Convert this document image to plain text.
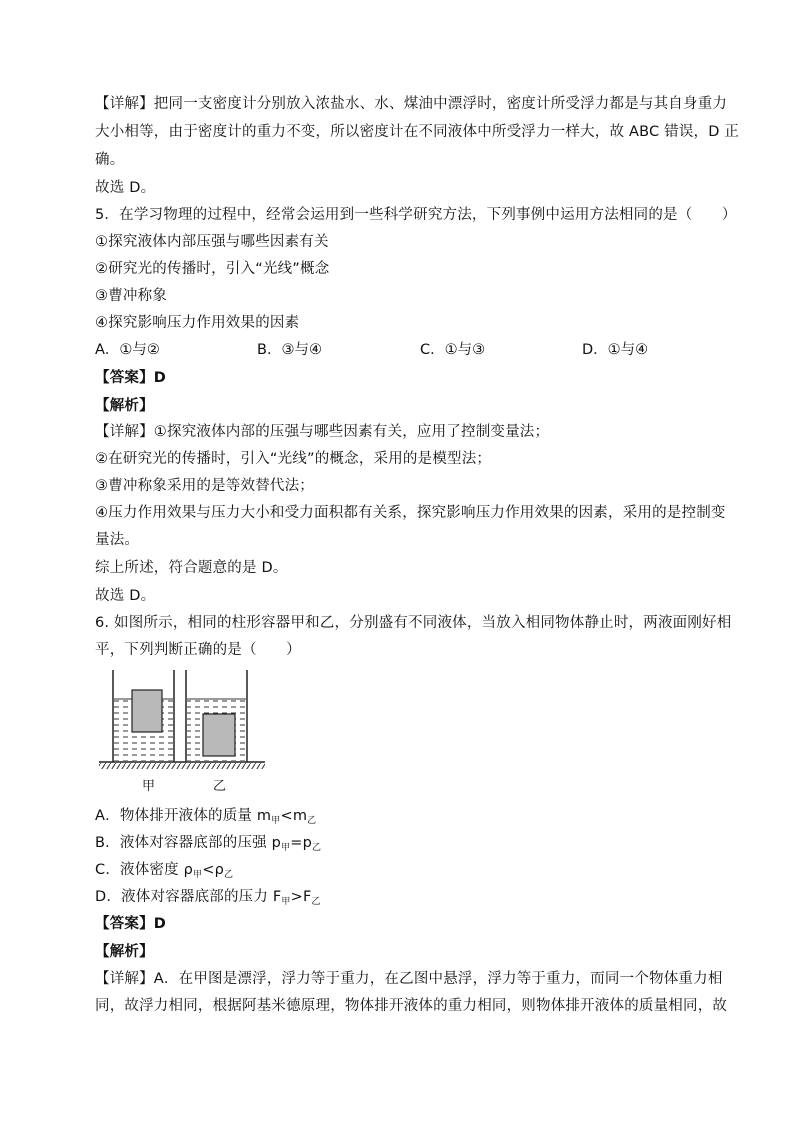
【详解】把同一支密度计分别放入浓盐水、水、煤油中漂浮时，密度计所受浮力都是与其自身重力
大小相等，由于密度计的重力不变，所以密度计在不同液体中所受浮力一样大，故 ABC 错误，D 正
确。
故选 D。
5．在学习物理的过程中，经常会运用到一些科学研究方法，下列事例中运用方法相同的是（　　）
①探究液体内部压强与哪些因素有关
②研究光的传播时，引入“光线”概念
③曹冲称象
④探究影响压力作用效果的因素
A．①与②	B．③与④	C．①与③	D．①与④
【答案】D
【解析】
【详解】①探究液体内部的压强与哪些因素有关，应用了控制变量法；
②在研究光的传播时，引入“光线”的概念，采用的是模型法；
③曹冲称象采用的是等效替代法；
④压力作用效果与压力大小和受力面积都有关系，探究影响压力作用效果的因素，采用的是控制变
量法。
综上所述，符合题意的是 D。
故选 D。
6. 如图所示，相同的柱形容器甲和乙，分别盛有不同液体，当放入相同物体静止时，两液面刚好相
平，下列判断正确的是（　　）
甲	乙
A．物体排开液体的质量 $m_甲<m_乙$
B．液体对容器底部的压强 $p_甲=p_乙$
C．液体密度 $\rho_甲<\rho_乙$
D．液体对容器底部的压力 $F_甲>F_乙$
【答案】D
【解析】
【详解】A．在甲图是漂浮，浮力等于重力，在乙图中悬浮，浮力等于重力，而同一个物体重力相
同，故浮力相同，根据阿基米德原理，物体排开液体的重力相同，则物体排开液体的质量相同，故
